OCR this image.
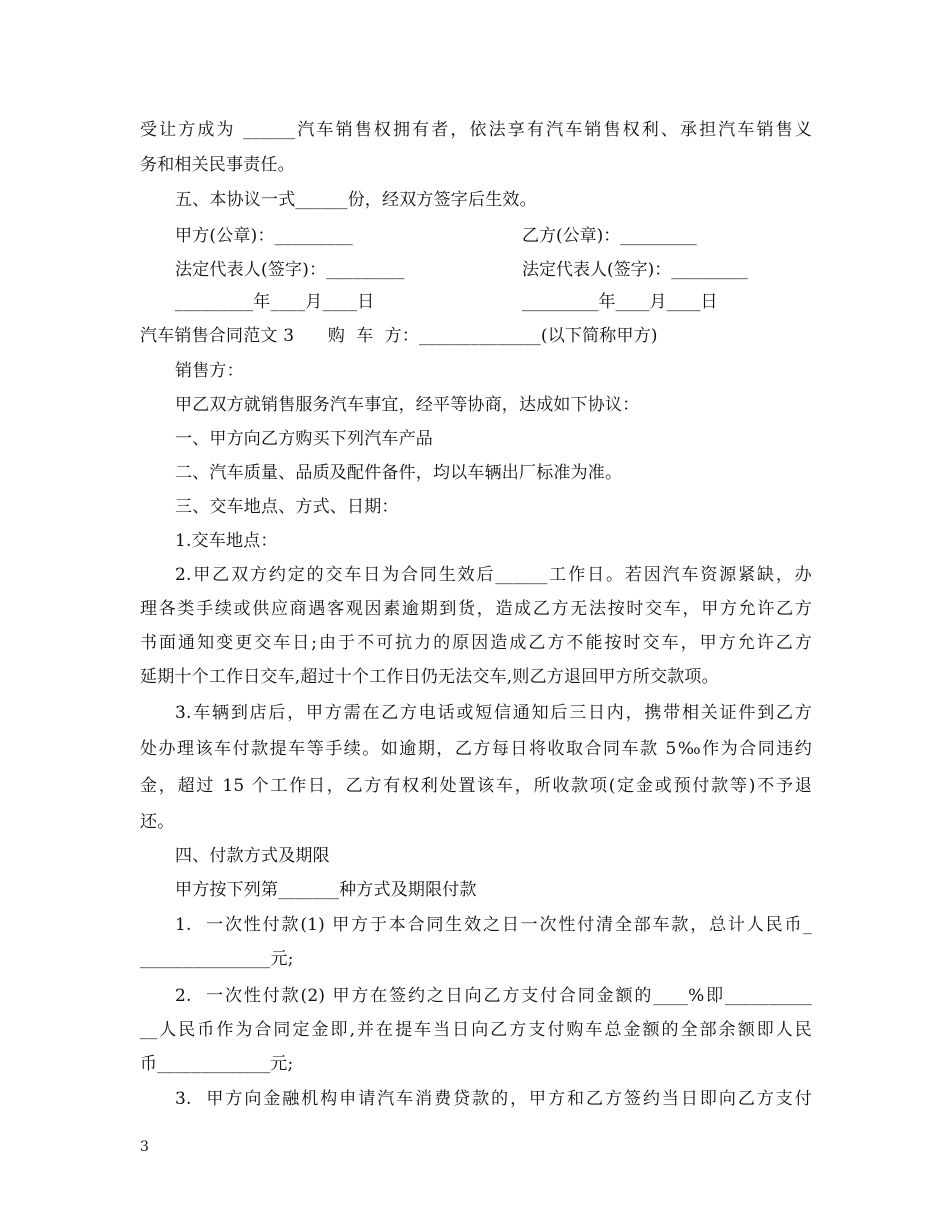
受让方成为 ______汽车销售权拥有者，依法享有汽车销售权利、承担汽车销售义
务和相关民事责任。
五、本协议一式______份，经双方签字后生效。
甲方(公章)：_________	乙方(公章)：_________
法定代表人(签字)：_________	法定代表人(签字)：_________
_________年____月____日	_________年____月____日
汽车销售合同范文 3      购  车  方：______________(以下简称甲方)
销售方：
甲乙双方就销售服务汽车事宜，经平等协商，达成如下协议：
一、甲方向乙方购买下列汽车产品
二、汽车质量、品质及配件备件，均以车辆出厂标准为准。
三、交车地点、方式、日期：
1.交车地点：
2.甲乙双方约定的交车日为合同生效后______工作日。若因汽车资源紧缺，办
理各类手续或供应商遇客观因素逾期到货，造成乙方无法按时交车，甲方允许乙方
书面通知变更交车日;由于不可抗力的原因造成乙方不能按时交车，甲方允许乙方
延期十个工作日交车,超过十个工作日仍无法交车,则乙方退回甲方所交款项。
3.车辆到店后，甲方需在乙方电话或短信通知后三日内，携带相关证件到乙方
处办理该车付款提车等手续。如逾期，乙方每日将收取合同车款 5‰作为合同违约
金，超过 15 个工作日，乙方有权利处置该车，所收款项(定金或预付款等)不予退
还。
四、付款方式及期限
甲方按下列第_______种方式及期限付款
1.  一次性付款(1) 甲方于本合同生效之日一次性付清全部车款，总计人民币_
_______________元;
2.  一次性付款(2) 甲方在签约之日向乙方支付合同金额的____%即__________
__人民币作为合同定金即,并在提车当日向乙方支付购车总金额的全部余额即人民
币_____________元;
3.  甲方向金融机构申请汽车消费贷款的，甲方和乙方签约当日即向乙方支付
3
